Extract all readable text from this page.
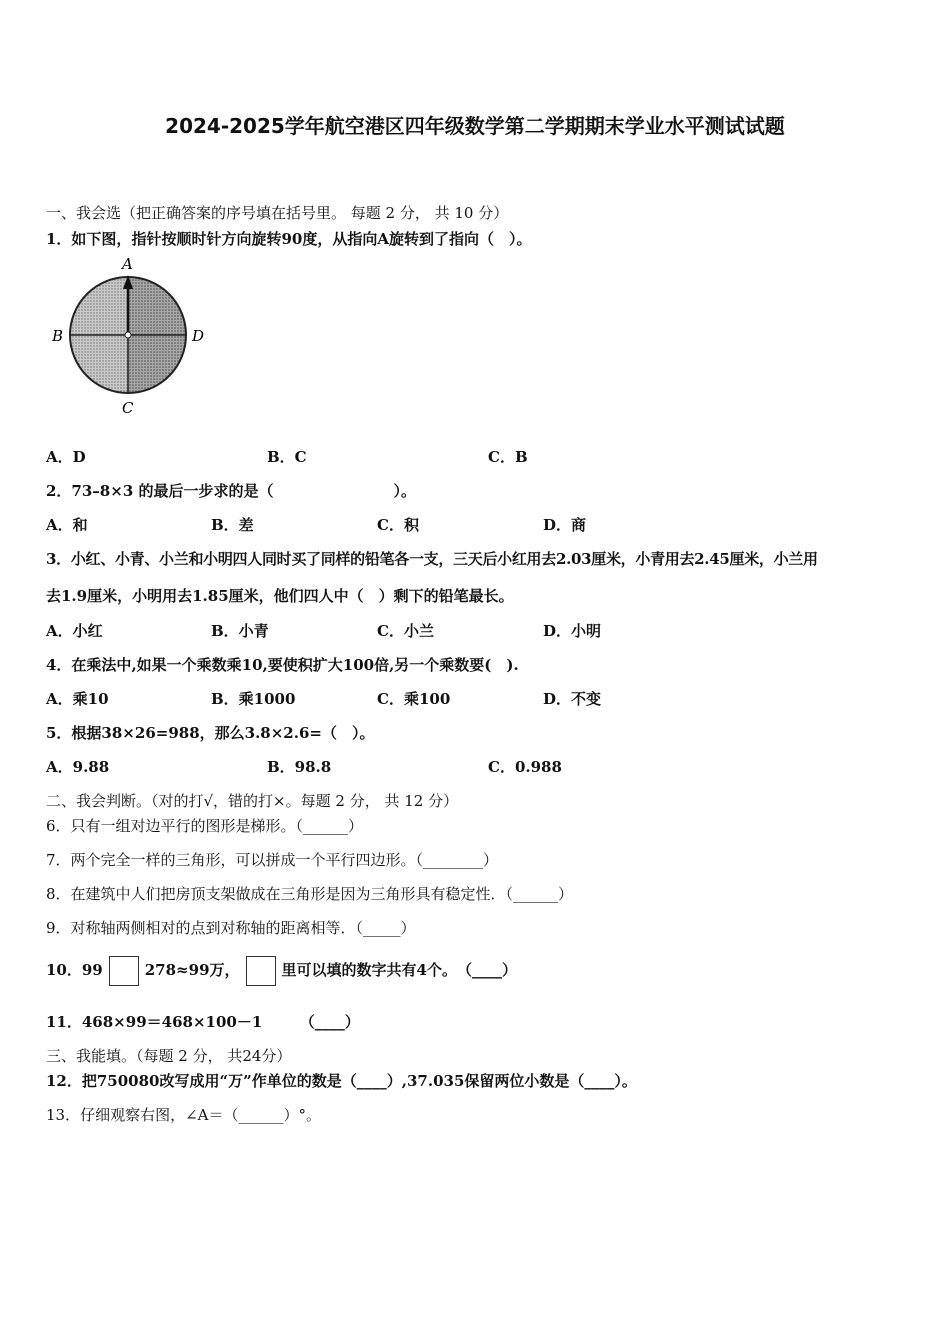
2024-2025学年航空港区四年级数学第二学期期末学业水平测试试题
一、我会选（把正确答案的序号填在括号里。 每题 2 分， 共 10 分）
1．如下图，指针按顺时针方向旋转90度，从指向A旋转到了指向（　）。
A
B	D
C
A．D	B．C	C．B
2．73–8×3 的最后一步求的是（　　　　　　　　）。
A．和	B．差	C．积	D．商
3．小红、小青、小兰和小明四人同时买了同样的铅笔各一支，三天后小红用去2.03厘米，小青用去2.45厘米，小兰用
去1.9厘米，小明用去1.85厘米，他们四人中（　）剩下的铅笔最长。
A．小红	B．小青	C．小兰	D．小明
4．在乘法中,如果一个乘数乘10,要使积扩大100倍,另一个乘数要(　).
A．乘10	B．乘1000	C．乘100	D．不变
5．根据38×26=988，那么3.8×2.6=（　）。
A．9.88	B．98.8	C．0.988
二、我会判断。（对的打√，错的打×。每题 2 分， 共 12 分）
6．只有一组对边平行的图形是梯形。（______）
7．两个完全一样的三角形，可以拼成一个平行四边形。（________）
8．在建筑中人们把房顶支架做成在三角形是因为三角形具有稳定性．（______）
9．对称轴两侧相对的点到对称轴的距离相等．（_____）
10．99	278≈99万，	里可以填的数字共有4个。　（____）
11．468×99＝468×100－1　　　（____）
三、我能填。（每题 2 分， 共24分）
12．把750080改写成用“万”作单位的数是（____）,37.035保留两位小数是（____）。
13．仔细观察右图，∠A＝（______）°。
